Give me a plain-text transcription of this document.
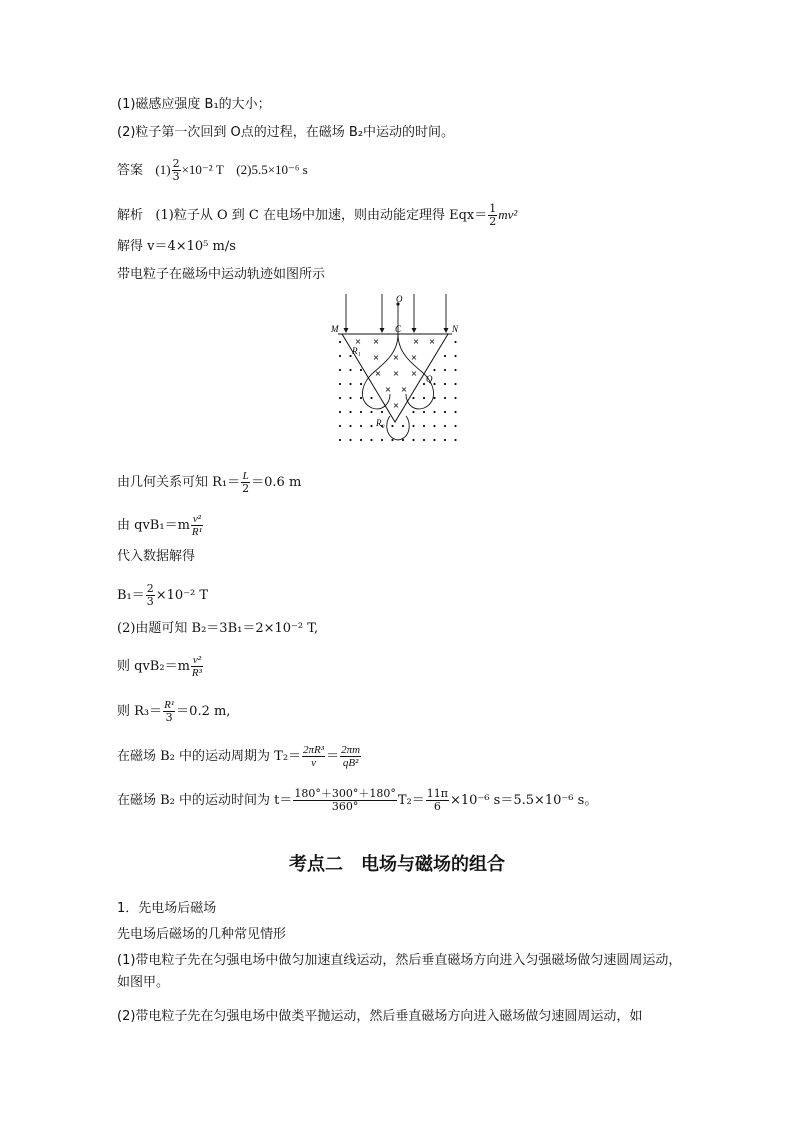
(1)磁感应强度 B₁的大小；
(2)粒子第一次回到 O点的过程，在磁场 B₂中运动的时间。
答案 $(1) \frac{2}{3} \times 10^{-2}$ T (2)5.5×10⁻⁶ s
解析 (1)粒子从 O 到 C 在电场中加速，则由动能定理得 $Eqx= \frac{1}{2} mv^2$
解得 v＝4×10⁵ m/s
带电粒子在磁场中运动轨迹如图所示
× ×	× ×
× × ×
× × ×
× ×
×
O
M	C	N
R₁
Q
R₂
由几何关系可知 $R_1= \frac{L}{2} =0.6$ m
由 $qvB_1=m \frac{\text{v²}}{\text{R¹}}$
代入数据解得
$B_1= \frac{2}{3} \times 10^{-2}$ T
(2)由题可知 B₂＝3B₁＝2×10⁻² T,
则 $qvB_2=m \frac{\text{v²}}{\text{R³}}$
则 $R_3= \frac{\text{R¹}}{3} =0.2$ m,
在磁场 B₂ 中的运动周期为 $T_2= \frac{\text{2πR³}}{v} = \frac{2\pi m}{\text{qB²}}$
在磁场 B₂ 中的运动时间为 $t= \frac{180^\circ+300^\circ+180^\circ}{360^\circ} T_2= \frac{11\pi}{6} \times 10^{-6}$ s＝5.5×10⁻⁶ s。
考点二　电场与磁场的组合
1．先电场后磁场
先电场后磁场的几种常见情形
(1)带电粒子先在匀强电场中做匀加速直线运动，然后垂直磁场方向进入匀强磁场做匀速圆周运动，如图甲。
(2)带电粒子先在匀强电场中做类平抛运动，然后垂直磁场方向进入磁场做匀速圆周运动，如
